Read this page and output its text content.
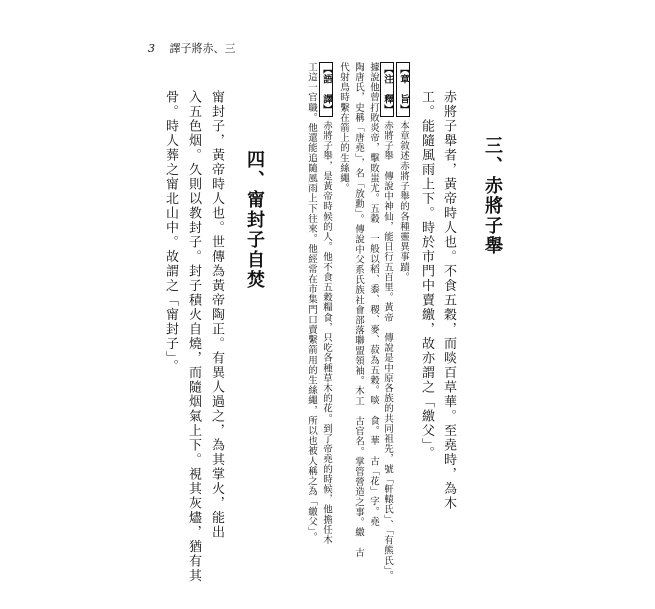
3 譯子將赤、三
三、赤將子舉
赤將子舉者，黃帝時人也。不食五穀，而啖百草華。至堯時，為木
工。能隨風雨上下。時於市門中賣繳，故亦謂之「繳父」。
【章　旨】本章敘述赤將子舉的各種靈異事蹟。
【注　釋】赤將子舉　傳說中神仙，能日行五百里。黃帝　傳說是中原各族的共同祖先，號「軒轅氏」、「有熊氏」。
據說他曾打敗炎帝，擊敗蚩尤。五穀　一般以稻、黍、稷、麥、菽為五穀。啖　食。華　古「花」字。堯
陶唐氏，史稱「唐堯」，名「放勳」。傳說中父系氏族社會部落聯盟領袖。木工　古官名。掌管營造之事。繳　古
代射鳥時繫在箭上的生絲繩。
【語　譯】赤將子舉，是黃帝時候的人。他不食五穀糧食，只吃各種草木的花。到了帝堯的時候，他擔任木
工這一官職。他還能追隨風雨上下往來。他經常在市集門口賣繫箭用的生絲繩，所以也被人稱之為「繳父」。
四、甯封子自焚
甯封子，黃帝時人也。世傳為黃帝陶正。有異人過之，為其掌火，能出
入五色烟。久則以教封子。封子積火自燒，而隨烟氣上下。視其灰燼，猶有其
骨。時人葬之甯北山中。故謂之「甯封子」。
